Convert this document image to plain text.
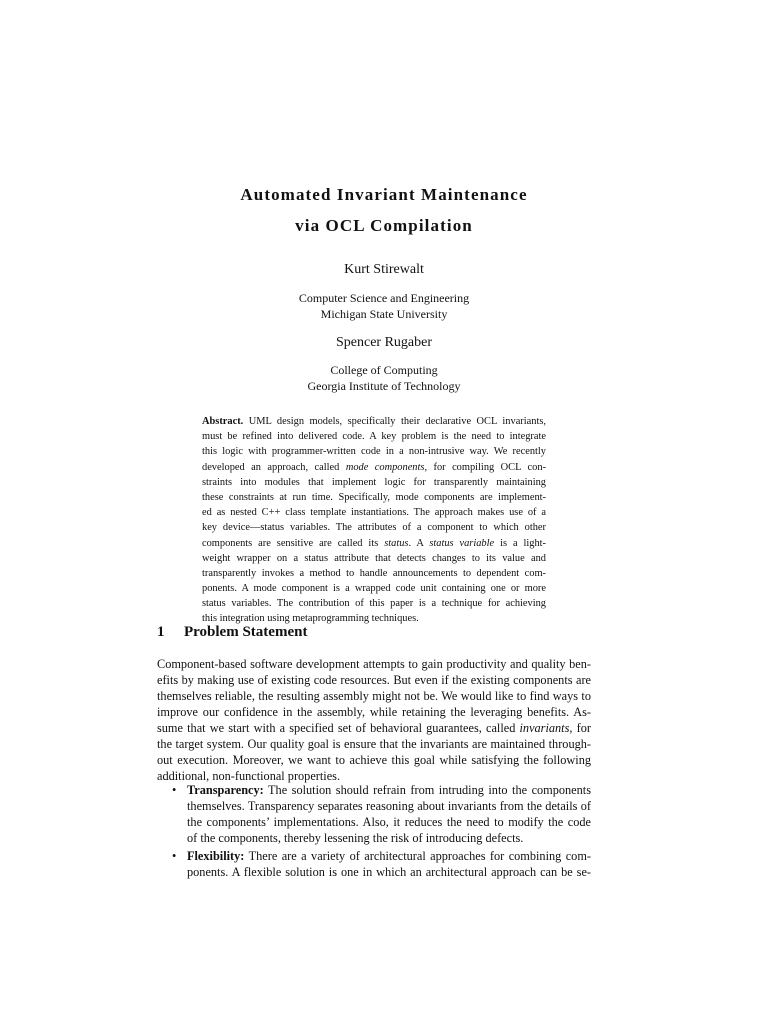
Automated Invariant Maintenance
via OCL Compilation
Kurt Stirewalt
Computer Science and Engineering
Michigan State University
Spencer Rugaber
College of Computing
Georgia Institute of Technology
Abstract. UML design models, specifically their declarative OCL invariants,
must be refined into delivered code. A key problem is the need to integrate
this logic with programmer-written code in a non-intrusive way. We recently
developed an approach, called mode components, for compiling OCL con-
straints into modules that implement logic for transparently maintaining
these constraints at run time. Specifically, mode components are implement-
ed as nested C++ class template instantiations. The approach makes use of a
key device—status variables. The attributes of a component to which other
components are sensitive are called its status. A status variable is a light-
weight wrapper on a status attribute that detects changes to its value and
transparently invokes a method to handle announcements to dependent com-
ponents. A mode component is a wrapped code unit containing one or more
status variables. The contribution of this paper is a technique for achieving
this integration using metaprogramming techniques.
1 Problem Statement
Component-based software development attempts to gain productivity and quality ben-
efits by making use of existing code resources. But even if the existing components are
themselves reliable, the resulting assembly might not be. We would like to find ways to
improve our confidence in the assembly, while retaining the leveraging benefits. As-
sume that we start with a specified set of behavioral guarantees, called invariants, for
the target system. Our quality goal is ensure that the invariants are maintained through-
out execution. Moreover, we want to achieve this goal while satisfying the following
additional, non-functional properties.
• Transparency: The solution should refrain from intruding into the components
themselves. Transparency separates reasoning about invariants from the details of
the components’ implementations. Also, it reduces the need to modify the code
of the components, thereby lessening the risk of introducing defects.
• Flexibility: There are a variety of architectural approaches for combining com-
ponents. A flexible solution is one in which an architectural approach can be se-
